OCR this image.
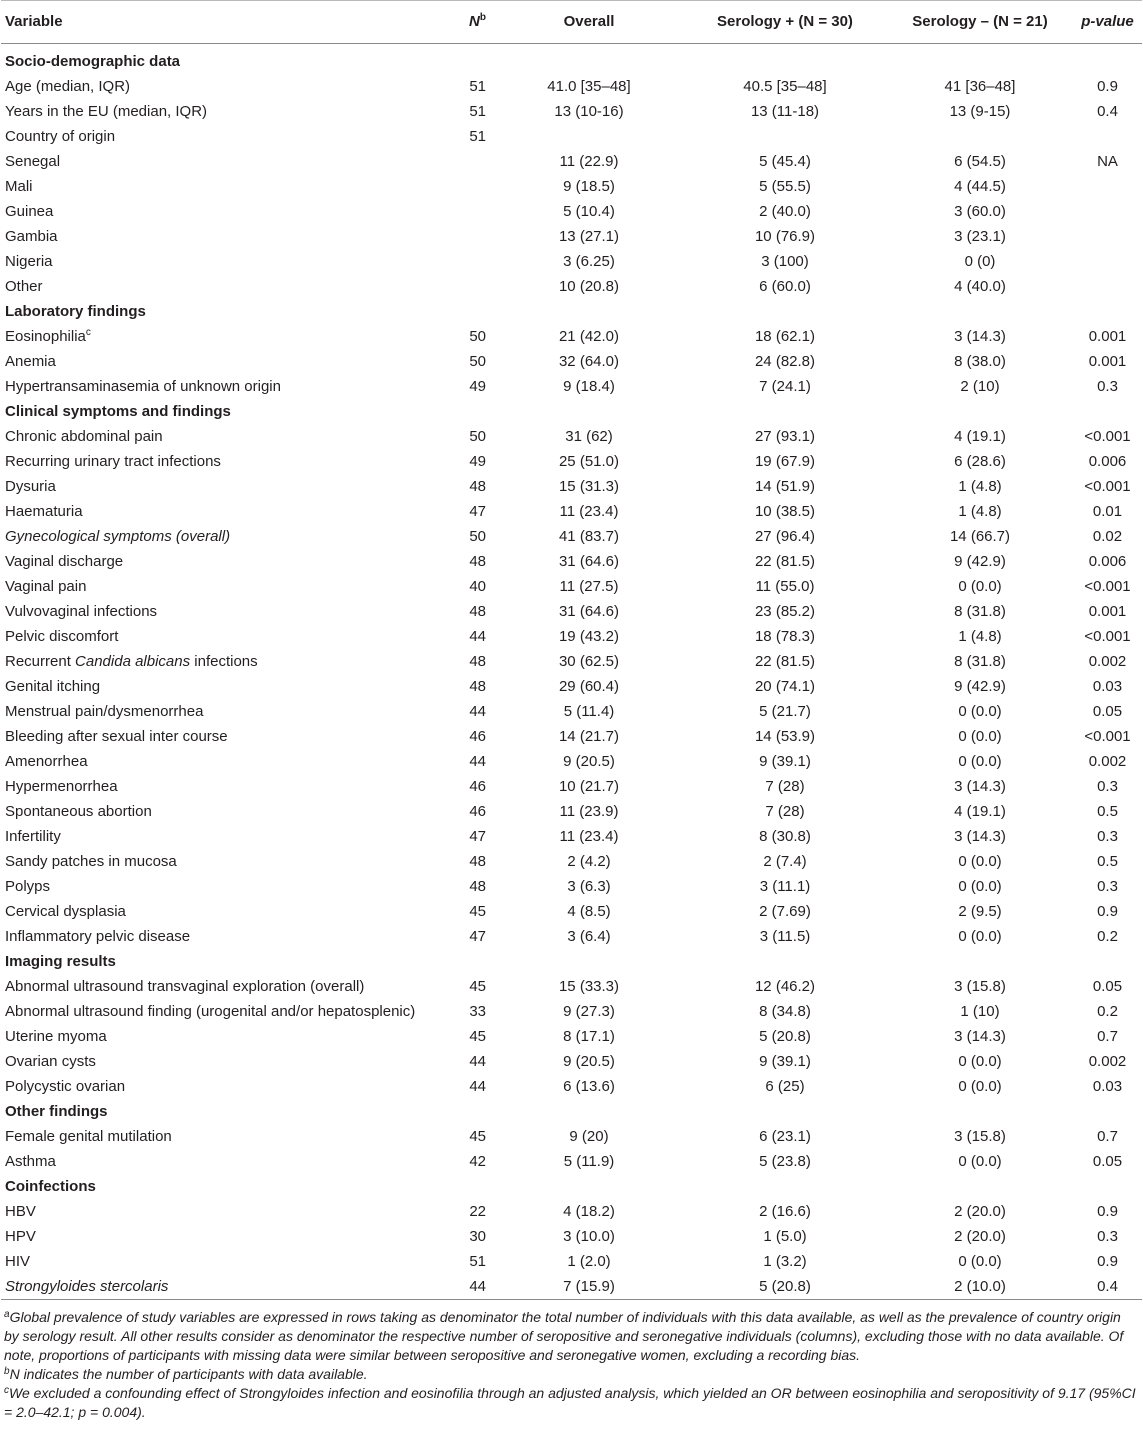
Variable	$N^b$	Overall	Serology + (N = 30)	Serology – (N = 21)	p-value
Socio-demographic data					
Age (median, IQR)	51	41.0 [35–48]	40.5 [35–48]	41 [36–48]	0.9
Years in the EU (median, IQR)	51	13 (10-16)	13 (11-18)	13 (9-15)	0.4
Country of origin	51				
Senegal		11 (22.9)	5 (45.4)	6 (54.5)	NA
Mali		9 (18.5)	5 (55.5)	4 (44.5)	
Guinea		5 (10.4)	2 (40.0)	3 (60.0)	
Gambia		13 (27.1)	10 (76.9)	3 (23.1)	
Nigeria		3 (6.25)	3 (100)	0 (0)	
Other		10 (20.8)	6 (60.0)	4 (40.0)	
Laboratory findings					
Eosinophilia$^c$	50	21 (42.0)	18 (62.1)	3 (14.3)	0.001
Anemia	50	32 (64.0)	24 (82.8)	8 (38.0)	0.001
Hypertransaminasemia of unknown origin	49	9 (18.4)	7 (24.1)	2 (10)	0.3
Clinical symptoms and findings					
Chronic abdominal pain	50	31 (62)	27 (93.1)	4 (19.1)	<0.001
Recurring urinary tract infections	49	25 (51.0)	19 (67.9)	6 (28.6)	0.006
Dysuria	48	15 (31.3)	14 (51.9)	1 (4.8)	<0.001
Haematuria	47	11 (23.4)	10 (38.5)	1 (4.8)	0.01
Gynecological symptoms (overall)	50	41 (83.7)	27 (96.4)	14 (66.7)	0.02
Vaginal discharge	48	31 (64.6)	22 (81.5)	9 (42.9)	0.006
Vaginal pain	40	11 (27.5)	11 (55.0)	0 (0.0)	<0.001
Vulvovaginal infections	48	31 (64.6)	23 (85.2)	8 (31.8)	0.001
Pelvic discomfort	44	19 (43.2)	18 (78.3)	1 (4.8)	<0.001
Recurrent Candida albicans infections	48	30 (62.5)	22 (81.5)	8 (31.8)	0.002
Genital itching	48	29 (60.4)	20 (74.1)	9 (42.9)	0.03
Menstrual pain/dysmenorrhea	44	5 (11.4)	5 (21.7)	0 (0.0)	0.05
Bleeding after sexual inter course	46	14 (21.7)	14 (53.9)	0 (0.0)	<0.001
Amenorrhea	44	9 (20.5)	9 (39.1)	0 (0.0)	0.002
Hypermenorrhea	46	10 (21.7)	7 (28)	3 (14.3)	0.3
Spontaneous abortion	46	11 (23.9)	7 (28)	4 (19.1)	0.5
Infertility	47	11 (23.4)	8 (30.8)	3 (14.3)	0.3
Sandy patches in mucosa	48	2 (4.2)	2 (7.4)	0 (0.0)	0.5
Polyps	48	3 (6.3)	3 (11.1)	0 (0.0)	0.3
Cervical dysplasia	45	4 (8.5)	2 (7.69)	2 (9.5)	0.9
Inflammatory pelvic disease	47	3 (6.4)	3 (11.5)	0 (0.0)	0.2
Imaging results					
Abnormal ultrasound transvaginal exploration (overall)	45	15 (33.3)	12 (46.2)	3 (15.8)	0.05
Abnormal ultrasound finding (urogenital and/or hepatosplenic)	33	9 (27.3)	8 (34.8)	1 (10)	0.2
Uterine myoma	45	8 (17.1)	5 (20.8)	3 (14.3)	0.7
Ovarian cysts	44	9 (20.5)	9 (39.1)	0 (0.0)	0.002
Polycystic ovarian	44	6 (13.6)	6 (25)	0 (0.0)	0.03
Other findings					
Female genital mutilation	45	9 (20)	6 (23.1)	3 (15.8)	0.7
Asthma	42	5 (11.9)	5 (23.8)	0 (0.0)	0.05
Coinfections					
HBV	22	4 (18.2)	2 (16.6)	2 (20.0)	0.9
HPV	30	3 (10.0)	1 (5.0)	2 (20.0)	0.3
HIV	51	1 (2.0)	1 (3.2)	0 (0.0)	0.9
Strongyloides stercolaris	44	7 (15.9)	5 (20.8)	2 (10.0)	0.4

$^a$Global prevalence of study variables are expressed in rows taking as denominator the total number of individuals with this data available, as well as the prevalence of country origin by serology result. All other results consider as denominator the respective number of seropositive and seronegative individuals (columns), excluding those with no data available. Of note, proportions of participants with missing data were similar between seropositive and seronegative women, excluding a recording bias.

$^b$N indicates the number of participants with data available.

$^c$We excluded a confounding effect of Strongyloides infection and eosinofilia through an adjusted analysis, which yielded an OR between eosinophilia and seropositivity of 9.17 (95%CI = 2.0–42.1; p = 0.004).
